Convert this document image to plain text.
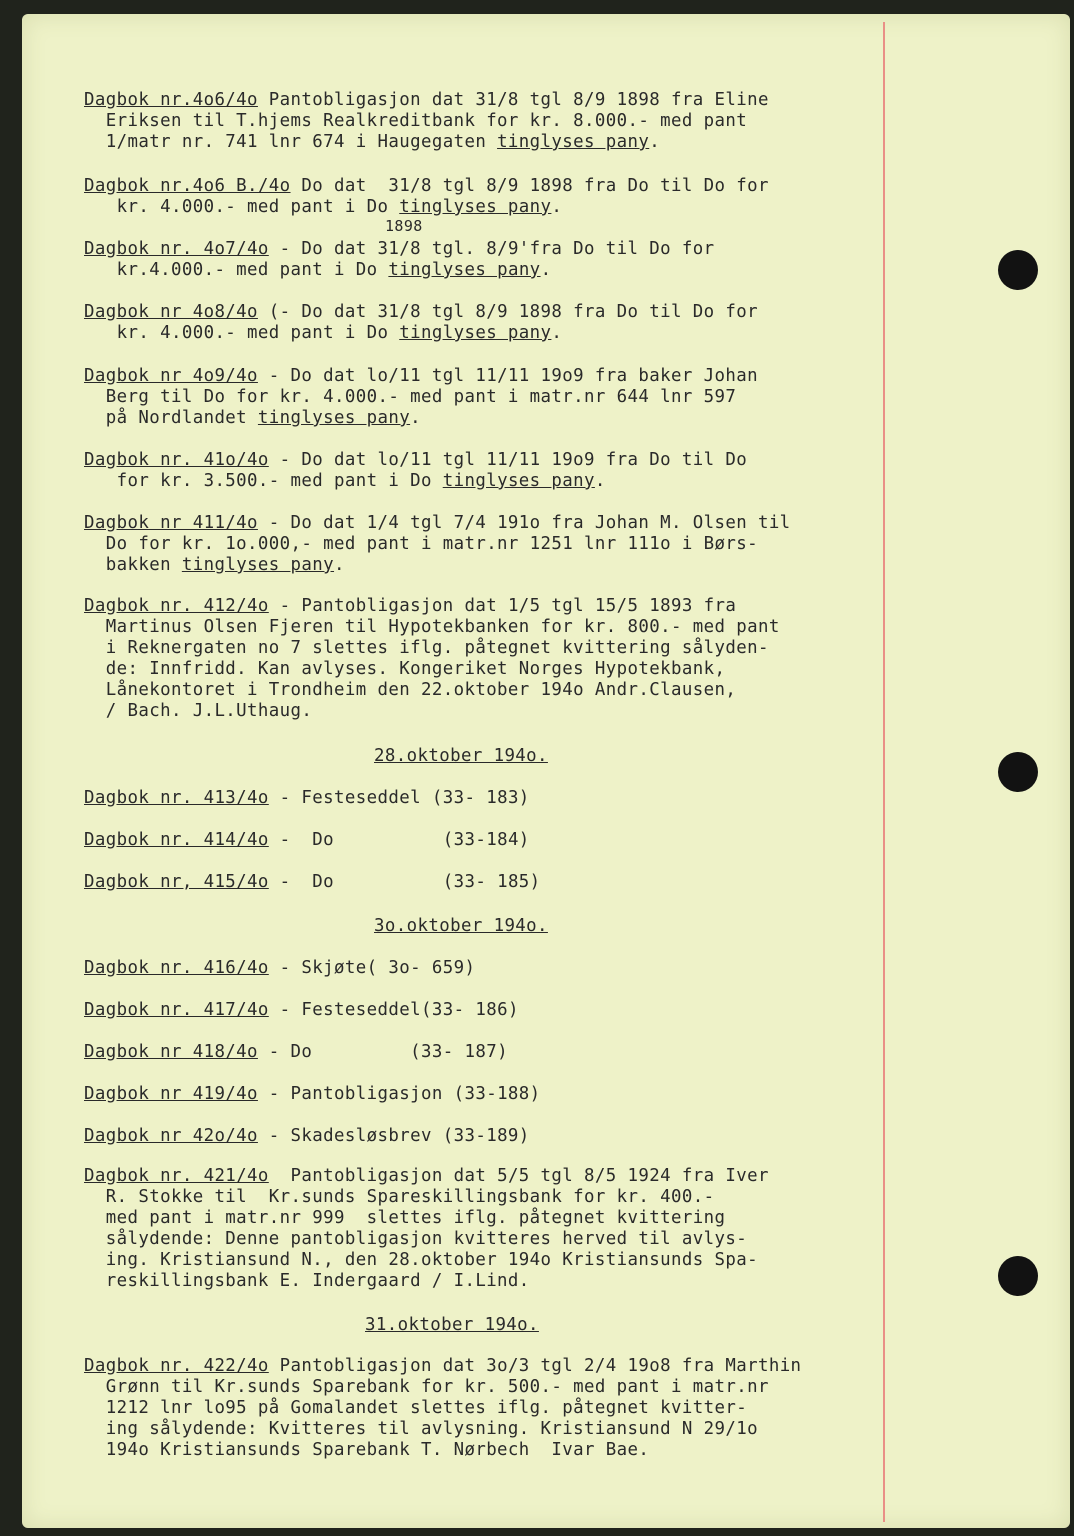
1898
Dagbok nr.4o6/4o Pantobligasjon dat 31/8 tgl 8/9 1898 fra Eline
Eriksen til T.hjems Realkreditbank for kr. 8.000.- med pant
1/matr nr. 741 lnr 674 i Haugegaten tinglyses pany.
Dagbok nr.4o6 B./4o Do dat  31/8 tgl 8/9 1898 fra Do til Do for
kr. 4.000.- med pant i Do tinglyses pany.
Dagbok nr. 4o7/4o - Do dat 31/8 tgl. 8/9'fra Do til Do for
kr.4.000.- med pant i Do tinglyses pany.
Dagbok nr 4o8/4o (- Do dat 31/8 tgl 8/9 1898 fra Do til Do for
kr. 4.000.- med pant i Do tinglyses pany.
Dagbok nr 4o9/4o - Do dat lo/11 tgl 11/11 19o9 fra baker Johan
Berg til Do for kr. 4.000.- med pant i matr.nr 644 lnr 597
på Nordlandet tinglyses pany.
Dagbok nr. 41o/4o - Do dat lo/11 tgl 11/11 19o9 fra Do til Do
for kr. 3.500.- med pant i Do tinglyses pany.
Dagbok nr 411/4o - Do dat 1/4 tgl 7/4 191o fra Johan M. Olsen til
Do for kr. 1o.000,- med pant i matr.nr 1251 lnr 111o i Børs-
bakken tinglyses pany.
Dagbok nr. 412/4o - Pantobligasjon dat 1/5 tgl 15/5 1893 fra
Martinus Olsen Fjeren til Hypotekbanken for kr. 800.- med pant
i Reknergaten no 7 slettes iflg. påtegnet kvittering sålyden-
de: Innfridd. Kan avlyses. Kongeriket Norges Hypotekbank,
Lånekontoret i Trondheim den 22.oktober 194o Andr.Clausen,
/ Bach. J.L.Uthaug.
28.oktober 194o.
3o.oktober 194o.
31.oktober 194o.
Dagbok nr. 413/4o - Festeseddel (33- 183)
Dagbok nr. 414/4o -  Do          (33-184)
Dagbok nr, 415/4o -  Do          (33- 185)
Dagbok nr. 416/4o - Skjøte( 3o- 659)
Dagbok nr. 417/4o - Festeseddel(33- 186)
Dagbok nr 418/4o - Do         (33- 187)
Dagbok nr 419/4o - Pantobligasjon (33-188)
Dagbok nr 42o/4o - Skadesløsbrev (33-189)
Dagbok nr. 421/4o  Pantobligasjon dat 5/5 tgl 8/5 1924 fra Iver
R. Stokke til  Kr.sunds Spareskillingsbank for kr. 400.-
med pant i matr.nr 999  slettes iflg. påtegnet kvittering
sålydende: Denne pantobligasjon kvitteres herved til avlys-
ing. Kristiansund N., den 28.oktober 194o Kristiansunds Spa-
reskillingsbank E. Indergaard / I.Lind.
Dagbok nr. 422/4o Pantobligasjon dat 3o/3 tgl 2/4 19o8 fra Marthin
Grønn til Kr.sunds Sparebank for kr. 500.- med pant i matr.nr
1212 lnr lo95 på Gomalandet slettes iflg. påtegnet kvitter-
ing sålydende: Kvitteres til avlysning. Kristiansund N 29/1o
194o Kristiansunds Sparebank T. Nørbech  Ivar Bae.
